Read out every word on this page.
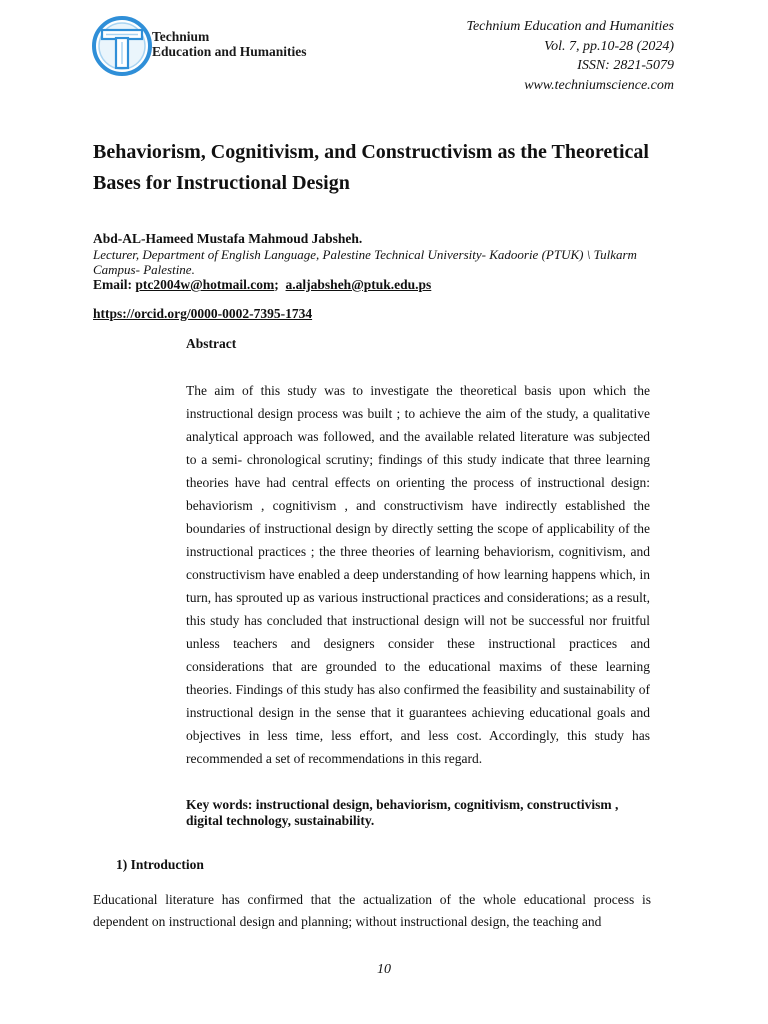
Technium
Education and Humanities
Technium Education and Humanities
Vol. 7, pp.10-28 (2024)
ISSN: 2821-5079
www.techniumscience.com
Behaviorism, Cognitivism, and Constructivism as the Theoretical Bases for Instructional Design
Abd-AL-Hameed Mustafa Mahmoud Jabsheh.
Lecturer, Department of English Language, Palestine Technical University- Kadoorie (PTUK) \ Tulkarm Campus- Palestine.
Email: ptc2004w@hotmail.com; a.aljabsheh@ptuk.edu.ps
https://orcid.org/0000-0002-7395-1734
Abstract

The aim of this study was to investigate the theoretical basis upon which the instructional design process was built ; to achieve the aim of the study, a qualitative analytical approach was followed, and the available related literature was subjected to a semi- chronological scrutiny; findings of this study indicate that three learning theories have had central effects on orienting the process of instructional design: behaviorism , cognitivism , and constructivism have indirectly established the boundaries of instructional design by directly setting the scope of applicability of the instructional practices ; the three theories of learning behaviorism, cognitivism, and constructivism have enabled a deep understanding of how learning happens which, in turn, has sprouted up as various instructional practices and considerations; as a result, this study has concluded that instructional design will not be successful nor fruitful unless teachers and designers consider these instructional practices and considerations that are grounded to the educational maxims of these learning theories. Findings of this study has also confirmed the feasibility and sustainability of instructional design in the sense that it guarantees achieving educational goals and objectives in less time, less effort, and less cost. Accordingly, this study has recommended a set of recommendations in this regard.

Key words: instructional design, behaviorism, cognitivism, constructivism , digital technology, sustainability.
1) Introduction

Educational literature has confirmed that the actualization of the whole educational process is dependent on instructional design and planning; without instructional design, the teaching and

10
